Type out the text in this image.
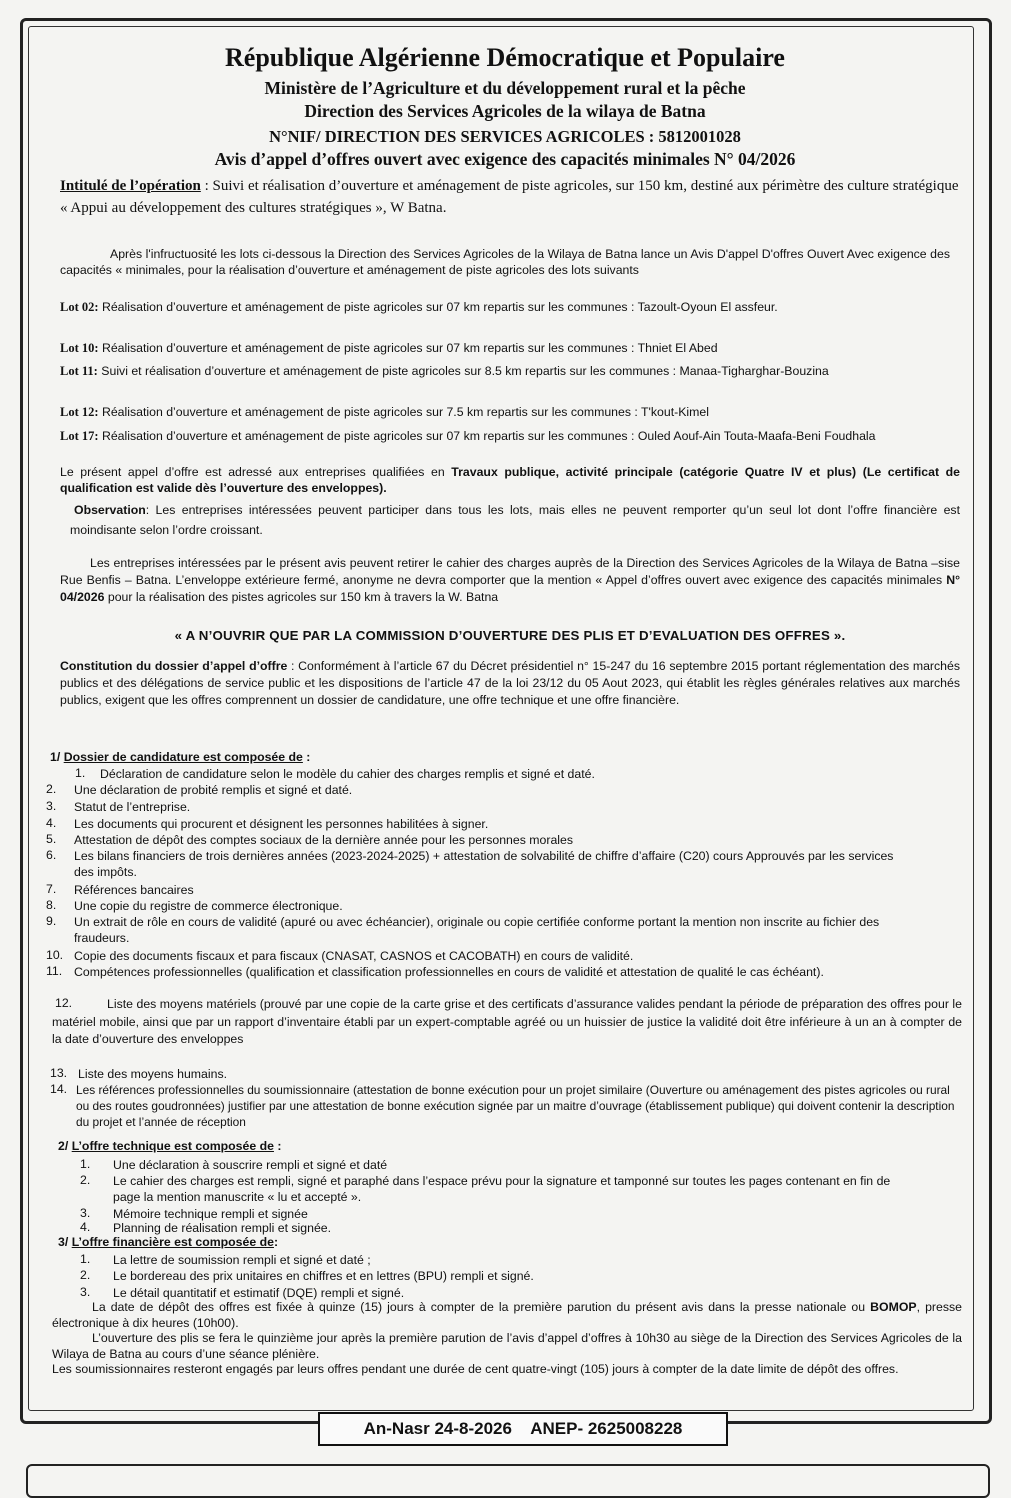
République Algérienne Démocratique et Populaire
Ministère de l’Agriculture et du développement rural et la pêche
Direction des Services Agricoles de la wilaya de Batna
N°NIF/ DIRECTION DES SERVICES AGRICOLES : 5812001028
Avis d’appel d’offres ouvert avec exigence des capacités minimales N° 04/2026
Intitulé de l’opération : Suivi et réalisation d’ouverture et aménagement de piste agricoles, sur 150 km, destiné aux périmètre des culture stratégique « Appui au développement des cultures stratégiques », W Batna.
Après l'infructuosité les lots ci-dessous la Direction des Services Agricoles de la Wilaya de Batna lance un Avis D'appel D'offres Ouvert Avec exigence des capacités « minimales, pour la réalisation d’ouverture et aménagement de piste agricoles des lots suivants
Lot 02: Réalisation d’ouverture et aménagement de piste agricoles sur 07 km repartis sur les communes : Tazoult-Oyoun El assfeur.
Lot 10: Réalisation d’ouverture et aménagement de piste agricoles sur 07 km repartis sur les communes : Thniet El Abed
Lot 11: Suivi et réalisation d’ouverture et aménagement de piste agricoles sur 8.5 km repartis sur les communes : Manaa-Tigharghar-Bouzina
Lot 12: Réalisation d’ouverture et aménagement de piste agricoles sur 7.5 km repartis sur les communes : T'kout-Kimel
Lot 17: Réalisation d’ouverture et aménagement de piste agricoles sur 07 km repartis sur les communes : Ouled Aouf-Ain Touta-Maafa-Beni Foudhala
Le présent appel d’offre est adressé aux entreprises qualifiées en Travaux publique, activité principale (catégorie Quatre IV et plus) (Le certificat de qualification est valide dès l’ouverture des enveloppes).
Observation: Les entreprises intéressées peuvent participer dans tous les lots, mais elles ne peuvent remporter qu’un seul lot dont l’offre financière est moindisante selon l’ordre croissant.
Les entreprises intéressées par le présent avis peuvent retirer le cahier des charges auprès de la Direction des Services Agricoles de la Wilaya de Batna –sise Rue Benfis – Batna. L’enveloppe extérieure fermé, anonyme ne devra comporter que la mention « Appel d’offres ouvert avec exigence des capacités minimales N° 04/2026 pour la réalisation des pistes agricoles sur 150 km à travers la W. Batna
« A N’OUVRIR QUE PAR LA COMMISSION D’OUVERTURE DES PLIS ET D’EVALUATION DES OFFRES ».
Constitution du dossier d’appel d’offre : Conformément à l’article 67 du Décret présidentiel n° 15-247 du 16 septembre 2015 portant réglementation des marchés publics et des délégations de service public et les dispositions de l’article 47 de la loi 23/12 du 05 Aout 2023, qui établit les règles générales relatives aux marchés publics, exigent que les offres comprennent un dossier de candidature, une offre technique et une offre financière.
1/ Dossier de candidature est composée de :
1. Déclaration de candidature selon le modèle du cahier des charges remplis et signé et daté.
2. Une déclaration de probité remplis et signé et daté.
3. Statut de l’entreprise.
4. Les documents qui procurent et désignent les personnes habilitées à signer.
5. Attestation de dépôt des comptes sociaux de la dernière année pour les personnes morales
6. Les bilans financiers de trois dernières années (2023-2024-2025) + attestation de solvabilité de chiffre d’affaire (C20) cours Approuvés par les services des impôts.
7. Références bancaires
8. Une copie du registre de commerce électronique.
9. Un extrait de rôle en cours de validité (apuré ou avec échéancier), originale ou copie certifiée conforme portant la mention non inscrite au fichier des fraudeurs.
10. Copie des documents fiscaux et para fiscaux (CNASAT, CASNOS et CACOBATH) en cours de validité.
11. Compétences professionnelles (qualification et classification professionnelles en cours de validité et attestation de qualité le cas échéant).
12.	Liste des moyens matériels (prouvé par une copie de la carte grise et des certificats d’assurance valides pendant la période de préparation des offres pour le matériel mobile, ainsi que par un rapport d’inventaire établi par un expert-comptable agréé ou un huissier de justice la validité doit être inférieure à un an à compter de la date d’ouverture des enveloppes
13. Liste des moyens humains.
14. Les références professionnelles du soumissionnaire (attestation de bonne exécution pour un projet similaire (Ouverture ou aménagement des pistes agricoles ou rural ou des routes goudronnées) justifier par une attestation de bonne exécution signée par un maitre d’ouvrage (établissement publique) qui doivent contenir la description du projet et l’année de réception
2/ L’offre technique est composée de :
1. Une déclaration à souscrire rempli et signé et daté
2. Le cahier des charges est rempli, signé et paraphé dans l’espace prévu pour la signature et tamponné sur toutes les pages contenant en fin de page la mention manuscrite « lu et accepté ».
3. Mémoire technique rempli et signée
4. Planning de réalisation rempli et signée.
3/ L’offre financière est composée de:
1. La lettre de soumission rempli et signé et daté ;
2. Le bordereau des prix unitaires en chiffres et en lettres (BPU) rempli et signé.
3. Le détail quantitatif et estimatif (DQE) rempli et signé.
La date de dépôt des offres est fixée à quinze (15) jours à compter de la première parution du présent avis dans la presse nationale ou BOMOP, presse électronique à dix heures (10h00).
L’ouverture des plis se fera le quinzième jour après la première parution de l’avis d’appel d’offres à 10h30 au siège de la Direction des Services Agricoles de la Wilaya de Batna au cours d’une séance plénière.
Les soumissionnaires resteront engagés par leurs offres pendant une durée de cent quatre-vingt (105) jours à compter de la date limite de dépôt des offres.
An-Nasr 24-8-2026 ANEP- 2625008228
